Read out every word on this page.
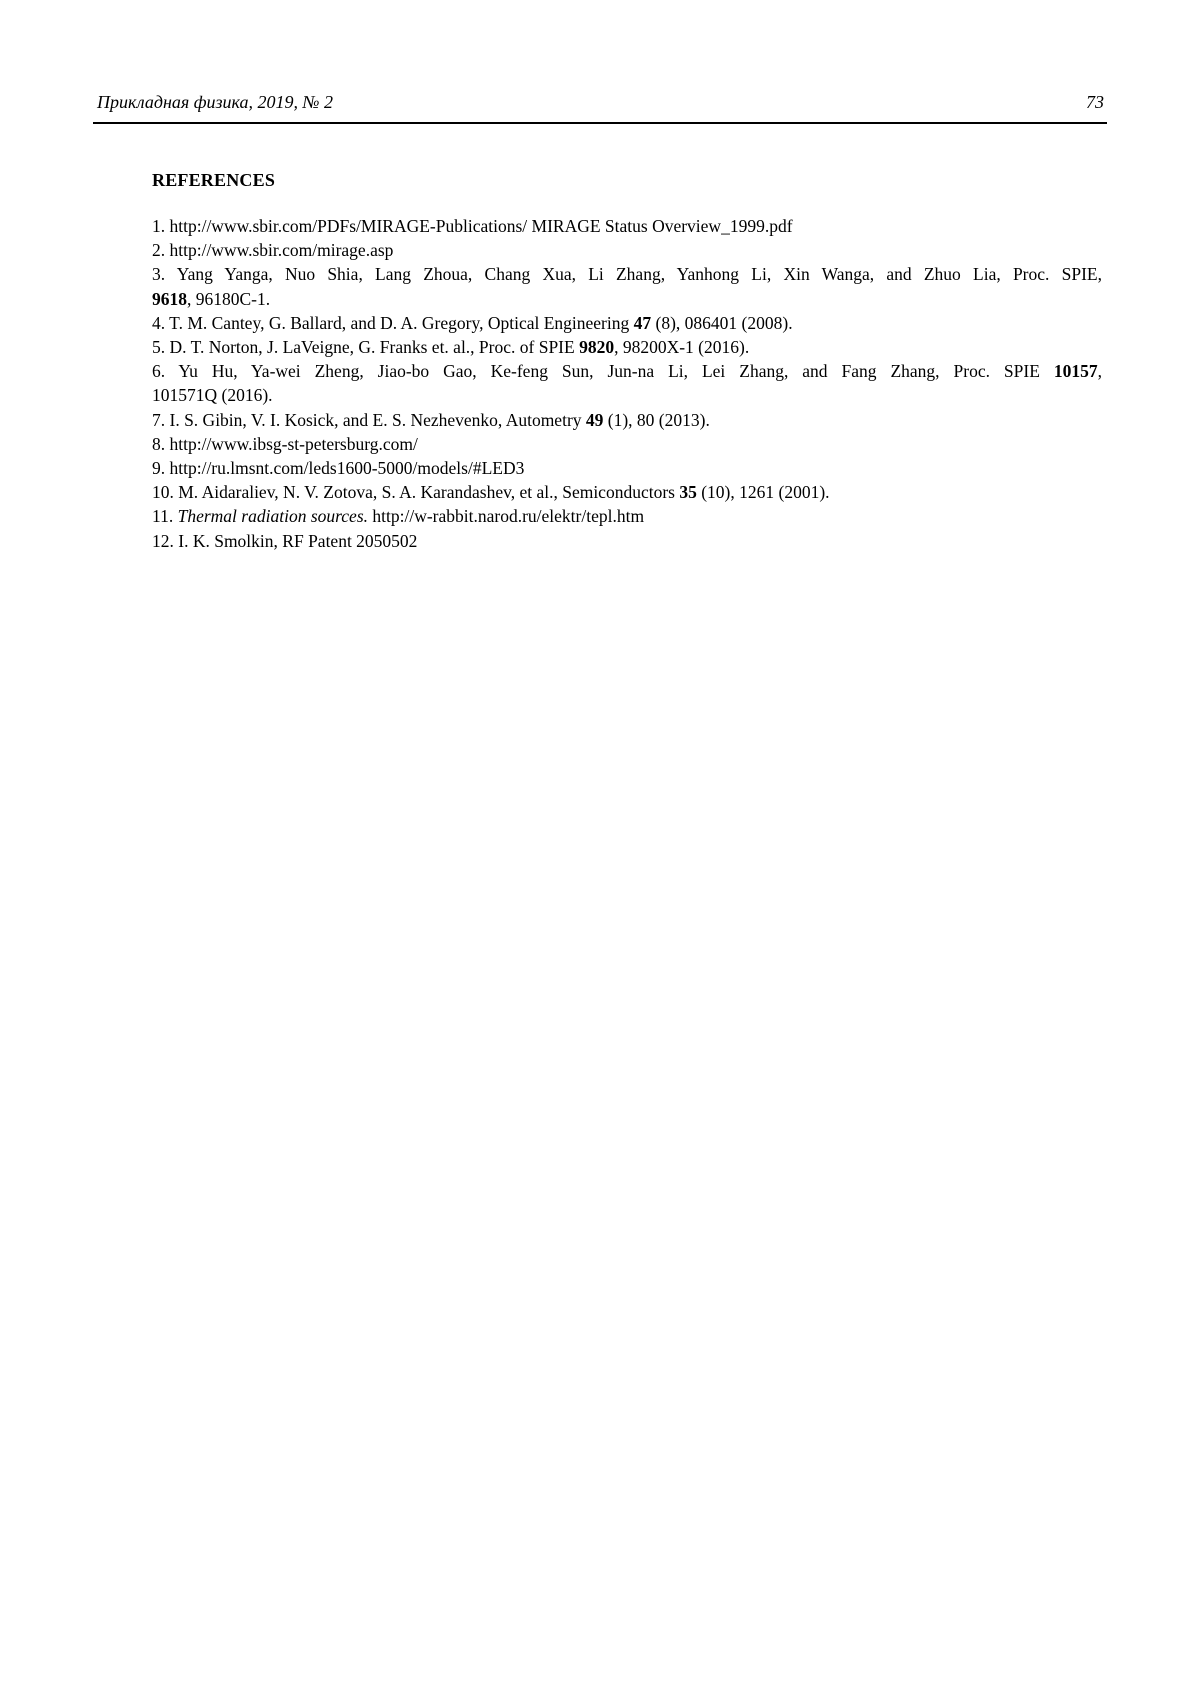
Прикладная физика, 2019, № 2	73
REFERENCES
1. http://www.sbir.com/PDFs/MIRAGE-Publications/ MIRAGE Status Overview_1999.pdf
2. http://www.sbir.com/mirage.asp
3. Yang Yanga, Nuo Shia, Lang Zhoua, Chang Xua, Li Zhang, Yanhong Li, Xin Wanga, and Zhuo Lia, Proc. SPIE,
9618, 96180C-1.
4. T. M. Cantey, G. Ballard, and D. A. Gregory, Optical Engineering 47 (8), 086401 (2008).
5. D. T. Norton, J. LaVeigne, G. Franks et. al., Proc. of SPIE 9820, 98200X-1 (2016).
6. Yu Hu, Ya-wei Zheng, Jiao-bo Gao, Ke-feng Sun, Jun-na Li, Lei Zhang, and Fang Zhang, Proc. SPIE 10157,
101571Q (2016).
7. I. S. Gibin, V. I. Kosick, and E. S. Nezhevenko, Autometry 49 (1), 80 (2013).
8. http://www.ibsg-st-petersburg.com/
9. http://ru.lmsnt.com/leds1600-5000/models/#LED3
10. M. Aidaraliev, N. V. Zotova, S. A. Karandashev, et al., Semiconductors 35 (10), 1261 (2001).
11. Thermal radiation sources. http://w-rabbit.narod.ru/elektr/tepl.htm
12. I. K. Smolkin, RF Patent 2050502
